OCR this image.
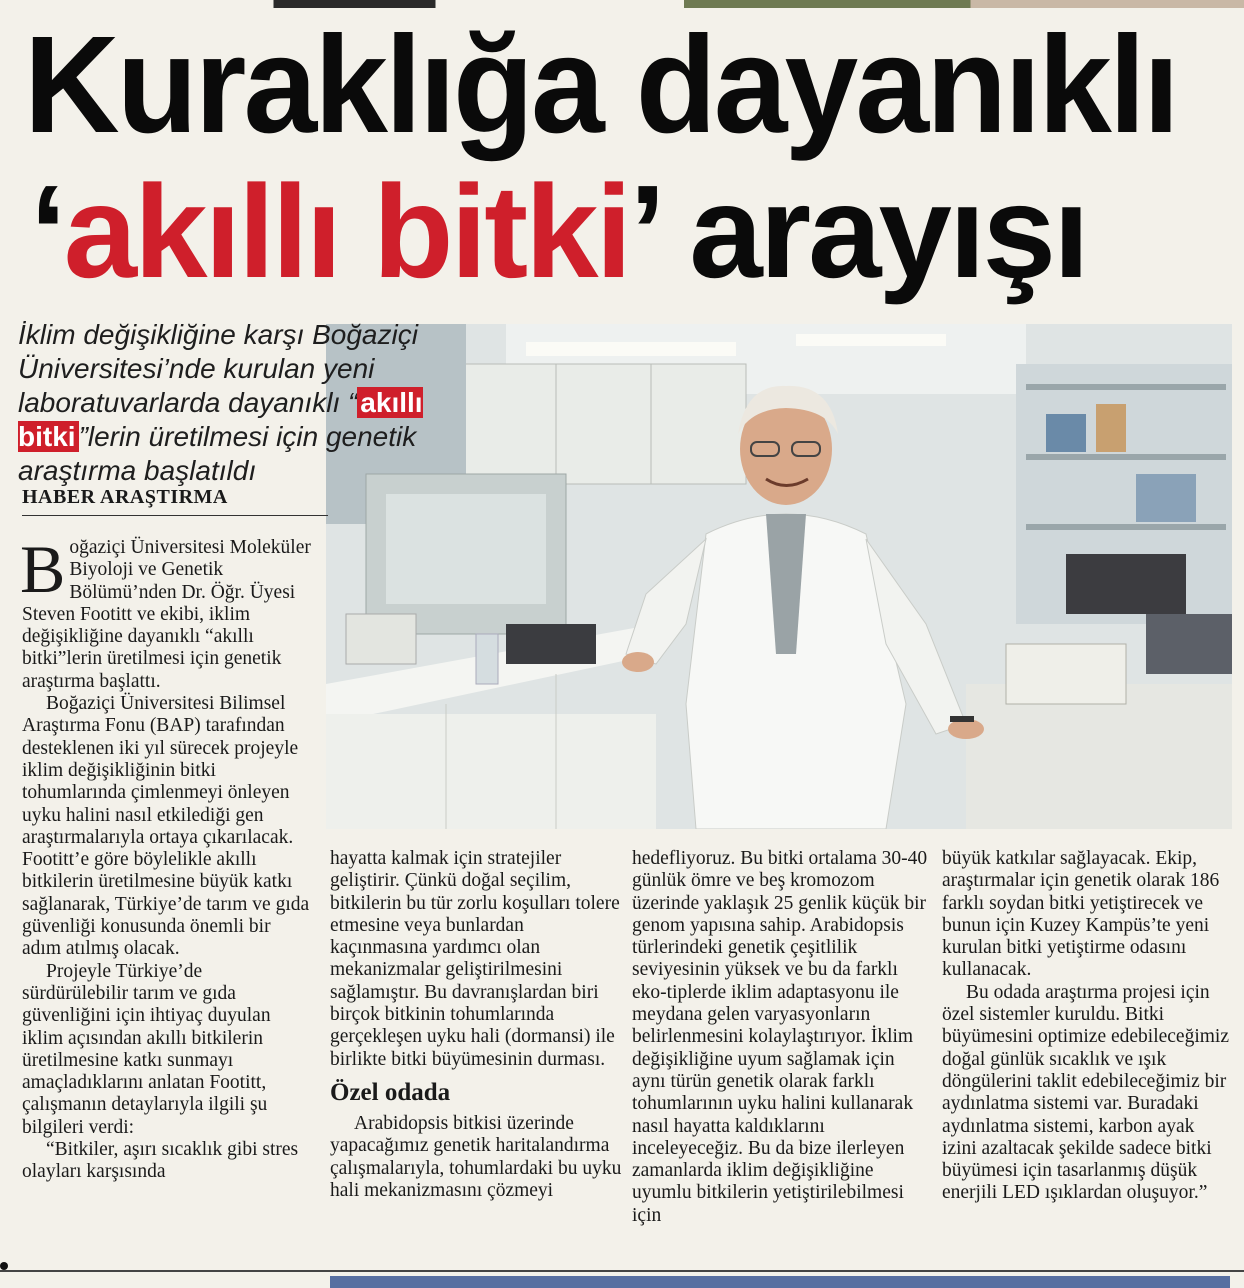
Kuraklığa dayanıklı
‘akıllı bitki’ arayışı
İklim değişikliğine karşı Boğaziçi Üniversitesi’nde kurulan yeni laboratuvarlarda dayanıklı “ akıllı bitki ”lerin üretilmesi için genetik araştırma başlatıldı
HABER ARAŞTIRMA

Boğaziçi Üniversitesi Moleküler Biyoloji ve Genetik Bölümü’nden Dr. Öğr. Üyesi Steven Footitt ve ekibi, iklim değişikliğine dayanıklı “akıllı bitki”lerin üretilmesi için genetik araştırma başlattı.

Boğaziçi Üniversitesi Bilimsel Araştırma Fonu (BAP) tarafından desteklenen iki yıl sürecek projeyle iklim değişikliğinin bitki tohumlarında çimlenmeyi önleyen uyku halini nasıl etkilediği gen araştırmalarıyla ortaya çıkarılacak. Footitt’e göre böylelikle akıllı bitkilerin üretilmesine büyük katkı sağlanarak, Türkiye’de tarım ve gıda güvenliği konusunda önemli bir adım atılmış olacak.

Projeyle Türkiye’de sürdürülebilir tarım ve gıda güvenliğini için ihtiyaç duyulan iklim açısından akıllı bitkilerin üretilmesine katkı sunmayı amaçladıklarını anlatan Footitt, çalışmanın detaylarıyla ilgili şu bilgileri verdi:

“Bitkiler, aşırı sıcaklık gibi stres olayları karşısında

hayatta kalmak için stratejiler geliştirir. Çünkü doğal seçilim, bitkilerin bu tür zorlu koşulları tolere etmesine veya bunlardan kaçınmasına yardımcı olan mekanizmalar geliştirilmesini sağlamıştır. Bu davranışlardan biri birçok bitkinin tohumlarında gerçekleşen uyku hali (dormansi) ile birlikte bitki büyümesinin durması.

Özel odada

Arabidopsis bitkisi üzerinde yapacağımız genetik haritalandırma çalışmalarıyla, tohumlardaki bu uyku hali mekanizmasını çözmeyi

hedefliyoruz. Bu bitki ortalama 30-40 günlük ömre ve beş kromozom üzerinde yaklaşık 25 genlik küçük bir genom yapısına sahip. Arabidopsis türlerindeki genetik çeşitlilik seviyesinin yüksek ve bu da farklı eko-tiplerde iklim adaptasyonu ile meydana gelen varyasyonların belirlenmesini kolaylaştırıyor. İklim değişikliğine uyum sağlamak için aynı türün genetik olarak farklı tohumlarının uyku halini kullanarak nasıl hayatta kaldıklarını inceleyeceğiz. Bu da bize ilerleyen zamanlarda iklim değişikliğine uyumlu bitkilerin yetiştirilebilmesi için

büyük katkılar sağlayacak. Ekip, araştırmalar için genetik olarak 186 farklı soydan bitki yetiştirecek ve bunun için Kuzey Kampüs’te yeni kurulan bitki yetiştirme odasını kullanacak.

Bu odada araştırma projesi için özel sistemler kuruldu. Bitki büyümesini optimize edebileceğimiz doğal günlük sıcaklık ve ışık döngülerini taklit edebileceğimiz bir aydınlatma sistemi var. Buradaki aydınlatma sistemi, karbon ayak izini azaltacak şekilde sadece bitki büyümesi için tasarlanmış düşük enerjili LED ışıklardan oluşuyor.”
